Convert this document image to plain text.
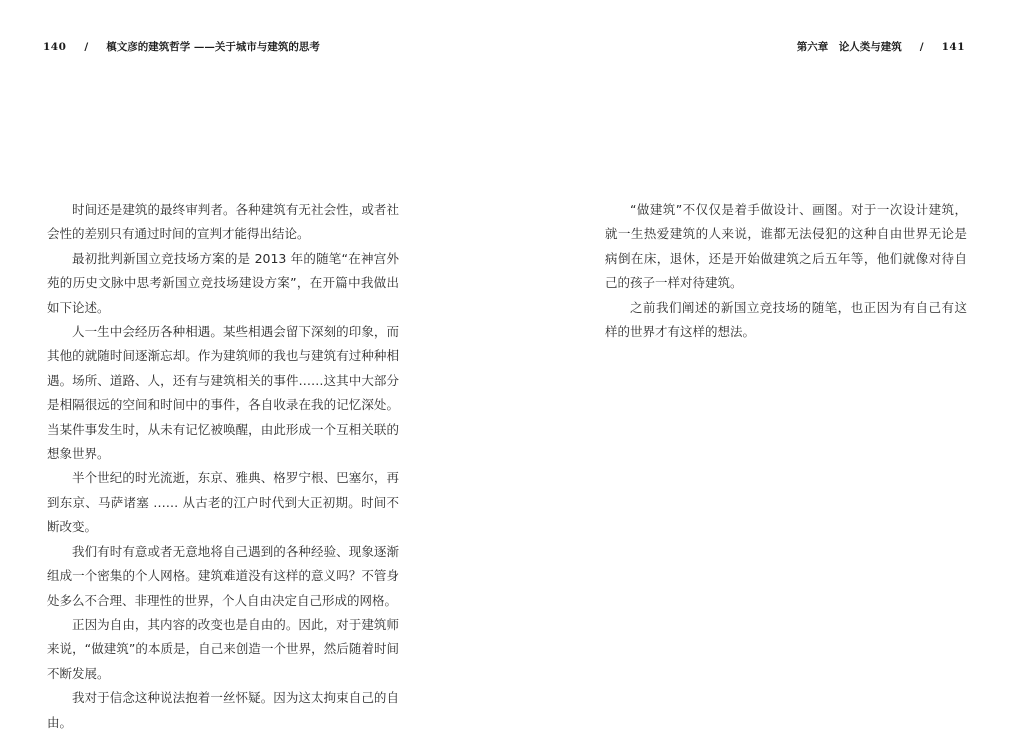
140 / 槙文彦的建筑哲学 ——关于城市与建筑的思考

时间还是建筑的最终审判者。各种建筑有无社会性，或者社会性的差别只有通过时间的宣判才能得出结论。

最初批判新国立竞技场方案的是 2013 年的随笔“在神宫外苑的历史文脉中思考新国立竞技场建设方案”，在开篇中我做出如下论述。

人一生中会经历各种相遇。某些相遇会留下深刻的印象，而其他的就随时间逐渐忘却。作为建筑师的我也与建筑有过种种相遇。场所、道路、人，还有与建筑相关的事件……这其中大部分是相隔很远的空间和时间中的事件，各自收录在我的记忆深处。当某件事发生时，从未有记忆被唤醒，由此形成一个互相关联的想象世界。

半个世纪的时光流逝，东京、雅典、格罗宁根、巴塞尔，再到东京、马萨诸塞 …… 从古老的江户时代到大正初期。时间不断改变。

我们有时有意或者无意地将自己遇到的各种经验、现象逐渐组成一个密集的个人网格。建筑难道没有这样的意义吗？不管身处多么不合理、非理性的世界，个人自由决定自己形成的网格。

正因为自由，其内容的改变也是自由的。因此，对于建筑师来说，“做建筑”的本质是，自己来创造一个世界，然后随着时间不断发展。

我对于信念这种说法抱着一丝怀疑。因为这太拘束自己的自由。

第六章　论人类与建筑 / 141

“做建筑”不仅仅是着手做设计、画图。对于一次设计建筑，就一生热爱建筑的人来说，谁都无法侵犯的这种自由世界无论是病倒在床，退休，还是开始做建筑之后五年等，他们就像对待自己的孩子一样对待建筑。

之前我们阐述的新国立竞技场的随笔，也正因为有自己有这样的世界才有这样的想法。
